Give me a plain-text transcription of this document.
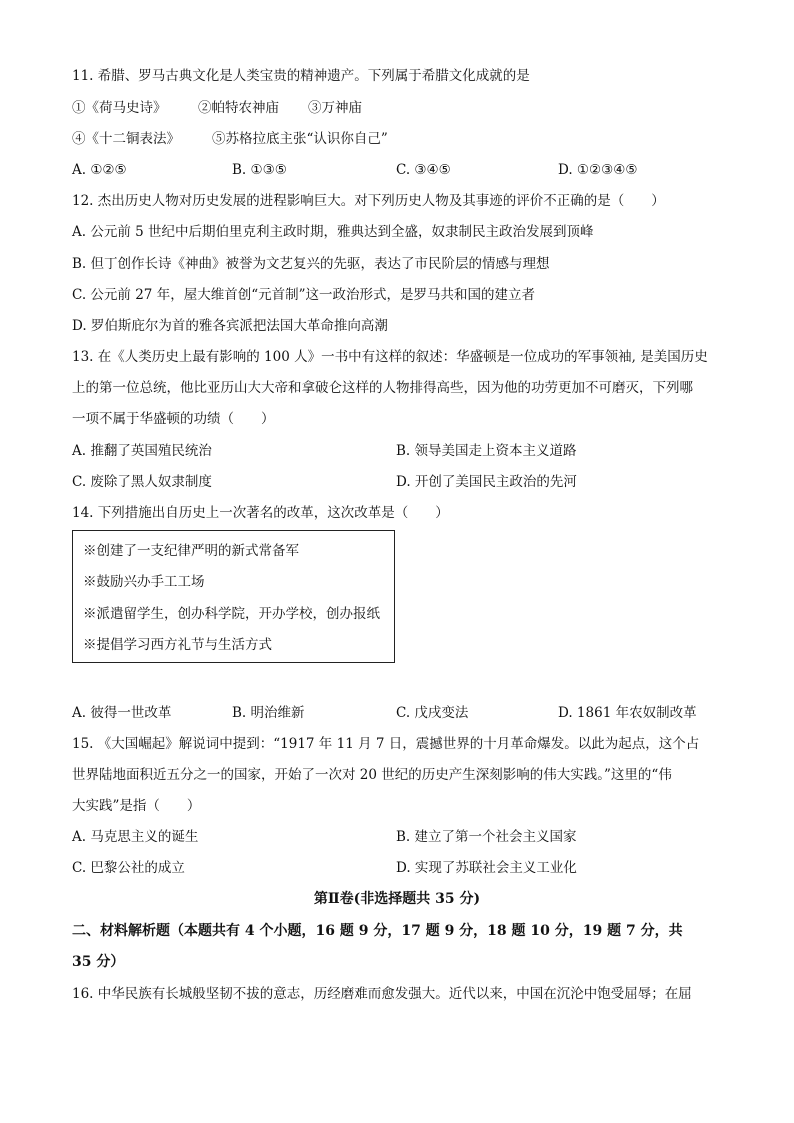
11. 希腊、罗马古典文化是人类宝贵的精神遗产。下列属于希腊文化成就的是
①《荷马史诗》 ②帕特农神庙 ③万神庙
④《十二铜表法》 ⑤苏格拉底主张“认识你自己”
A. ①②⑤	B. ①③⑤	C. ③④⑤	D. ①②③④⑤
12. 杰出历史人物对历史发展的进程影响巨大。对下列历史人物及其事迹的评价不正确的是（　　）
A. 公元前 5 世纪中后期伯里克利主政时期，雅典达到全盛，奴隶制民主政治发展到顶峰
B. 但丁创作长诗《神曲》被誉为文艺复兴的先驱，表达了市民阶层的情感与理想
C. 公元前 27 年，屋大维首创“元首制”这一政治形式，是罗马共和国的建立者
D. 罗伯斯庇尔为首的雅各宾派把法国大革命推向高潮
13. 在《人类历史上最有影响的 100 人》一书中有这样的叙述：华盛顿是一位成功的军事领袖, 是美国历史
上的第一位总统，他比亚历山大大帝和拿破仑这样的人物排得高些，因为他的功劳更加不可磨灭，下列哪
一项不属于华盛顿的功绩（　　）
A. 推翻了英国殖民统治	B. 领导美国走上资本主义道路
C. 废除了黑人奴隶制度	D. 开创了美国民主政治的先河
14. 下列措施出自历史上一次著名的改革，这次改革是（　　）
※创建了一支纪律严明的新式常备军
※鼓励兴办手工工场
※派遣留学生，创办科学院，开办学校，创办报纸
※提倡学习西方礼节与生活方式
A. 彼得一世改革	B. 明治维新	C. 戊戌变法	D. 1861 年农奴制改革
15. 《大国崛起》解说词中提到：“1917 年 11 月 7 日，震撼世界的十月革命爆发。以此为起点，这个占
世界陆地面积近五分之一的国家，开始了一次对 20 世纪的历史产生深刻影响的伟大实践。”这里的“伟
大实践”是指（　　）
A. 马克思主义的诞生	B. 建立了第一个社会主义国家
C. 巴黎公社的成立	D. 实现了苏联社会主义工业化
第Ⅱ卷(非选择题共 35 分)
二、材料解析题（本题共有 4 个小题，16 题 9 分，17 题 9 分，18 题 10 分，19 题 7 分，共
35 分）
16. 中华民族有长城般坚韧不拔的意志，历经磨难而愈发强大。近代以来，中国在沉沦中饱受屈辱；在屈
